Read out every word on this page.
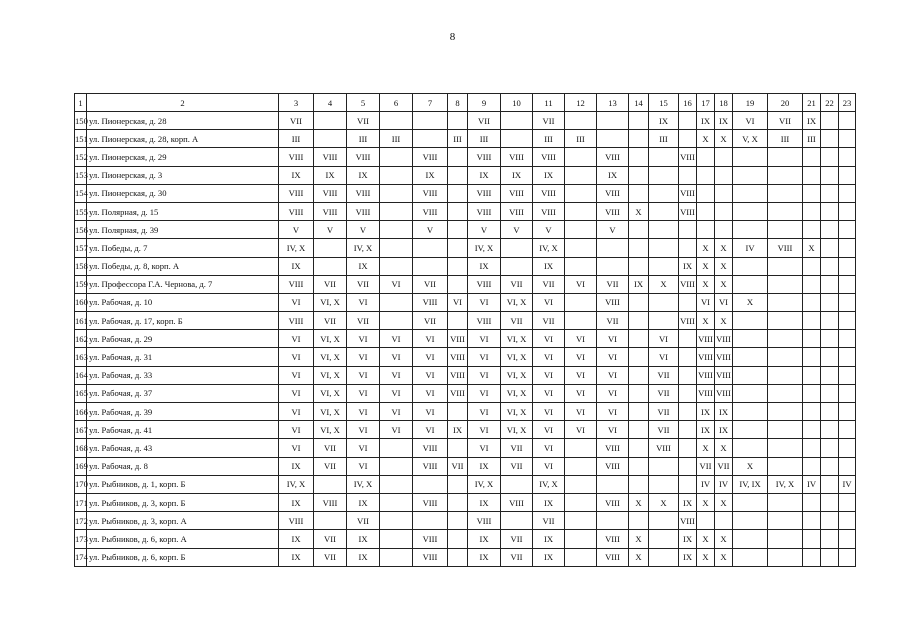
8
1	2	3	4	5	6	7	8	9	10	11	12	13	14	15	16	17	18	19	20	21	22	23
150	ул. Пионерская, д. 28	VII		VII				VII		VII				IX		IX	IX	VI	VII	IX		
151	ул. Пионерская, д. 28, корп. А	III		III	III		III	III		III	III			III		X	X	V, X	III	III		
152	ул. Пионерская, д. 29	VIII	VIII	VIII		VIII		VIII	VIII	VIII		VIII			VIII							
153	ул. Пионерская, д. 3	IX	IX	IX		IX		IX	IX	IX		IX										
154	ул. Пионерская, д. 30	VIII	VIII	VIII		VIII		VIII	VIII	VIII		VIII			VIII							
155	ул. Полярная, д. 15	VIII	VIII	VIII		VIII		VIII	VIII	VIII		VIII	X		VIII							
156	ул. Полярная, д. 39	V	V	V		V		V	V	V		V										
157	ул. Победы, д. 7	IV, X		IV, X				IV, X		IV, X						X	X	IV	VIII	X		
158	ул. Победы, д. 8, корп. А	IX		IX				IX		IX					IX	X	X					
159	ул. Профессора Г.А. Чернова, д. 7	VIII	VII	VII	VI	VII		VIII	VII	VII	VI	VII	IX	X	VIII	X	X					
160	ул. Рабочая, д. 10	VI	VI, X	VI		VIII	VI	VI	VI, X	VI		VIII				VI	VI	X				
161	ул. Рабочая, д. 17, корп. Б	VIII	VII	VII		VII		VIII	VII	VII		VII			VIII	X	X					
162	ул. Рабочая, д. 29	VI	VI, X	VI	VI	VI	VIII	VI	VI, X	VI	VI	VI		VI		VIII	VIII					
163	ул. Рабочая, д. 31	VI	VI, X	VI	VI	VI	VIII	VI	VI, X	VI	VI	VI		VI		VIII	VIII					
164	ул. Рабочая, д. 33	VI	VI, X	VI	VI	VI	VIII	VI	VI, X	VI	VI	VI		VII		VIII	VIII					
165	ул. Рабочая, д. 37	VI	VI, X	VI	VI	VI	VIII	VI	VI, X	VI	VI	VI		VII		VIII	VIII					
166	ул. Рабочая, д. 39	VI	VI, X	VI	VI	VI		VI	VI, X	VI	VI	VI		VII		IX	IX					
167	ул. Рабочая, д. 41	VI	VI, X	VI	VI	VI	IX	VI	VI, X	VI	VI	VI		VII		IX	IX					
168	ул. Рабочая, д. 43	VI	VII	VI		VIII		VI	VII	VI		VIII		VIII		X	X					
169	ул. Рабочая, д. 8	IX	VII	VI		VIII	VII	IX	VII	VI		VIII				VII	VII	X				
170	ул. Рыбников, д. 1, корп. Б	IV, X		IV, X				IV, X		IV, X						IV	IV	IV, IX	IV, X	IV		IV
171	ул. Рыбников, д. 3, корп. Б	IX	VIII	IX		VIII		IX	VIII	IX		VIII	X	X	IX	X	X					
172	ул. Рыбников, д. 3, корп. А	VIII		VII				VIII		VII					VIII							
173	ул. Рыбников, д. 6, корп. А	IX	VII	IX		VIII		IX	VII	IX		VIII	X		IX	X	X					
174	ул. Рыбников, д. 6, корп. Б	IX	VII	IX		VIII		IX	VII	IX		VIII	X		IX	X	X					
